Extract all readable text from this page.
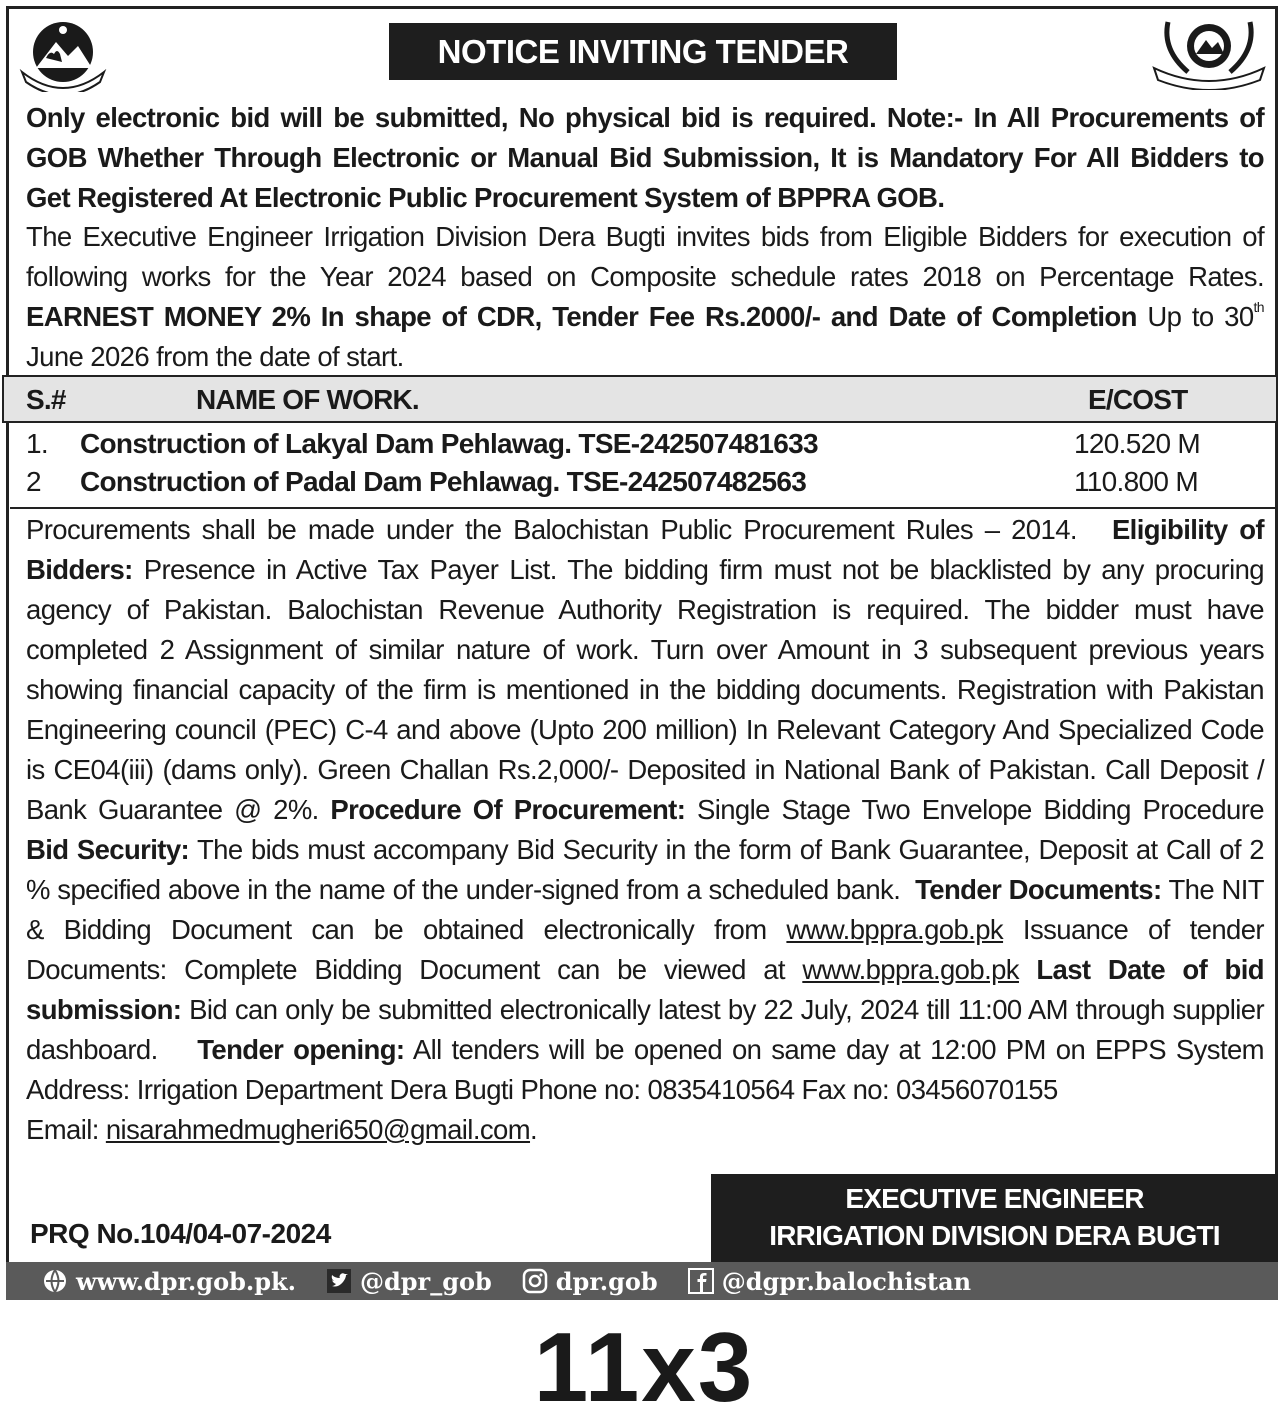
NOTICE INVITING TENDER
Only electronic bid will be submitted, No physical bid is required. Note:- In All Procurements of
GOB Whether Through Electronic or Manual Bid Submission, It is Mandatory For All Bidders to
Get Registered At Electronic Public Procurement System of BPPRA GOB.
The Executive Engineer Irrigation Division Dera Bugti invites bids from Eligible Bidders for execution of
following works for the Year 2024 based on Composite schedule rates 2018 on Percentage Rates.
EARNEST MONEY 2% In shape of CDR, Tender Fee Rs.2000/- and Date of Completion Up to 30th
June 2026 from the date of start.
S.#	NAME OF WORK.	E/COST
1. Construction of Lakyal Dam Pehlawag. TSE-242507481633	120.520 M
2 Construction of Padal Dam Pehlawag. TSE-242507482563	110.800 M
Procurements shall be made under the Balochistan Public Procurement Rules – 2014. Eligibility of
Bidders: Presence in Active Tax Payer List. The bidding firm must not be blacklisted by any procuring
agency of Pakistan. Balochistan Revenue Authority Registration is required. The bidder must have
completed 2 Assignment of similar nature of work. Turn over Amount in 3 subsequent previous years
showing financial capacity of the firm is mentioned in the bidding documents. Registration with Pakistan
Engineering council (PEC) C-4 and above (Upto 200 million) In Relevant Category And Specialized Code
is CE04(iii) (dams only). Green Challan Rs.2,000/- Deposited in National Bank of Pakistan. Call Deposit /
Bank Guarantee @ 2%. Procedure Of Procurement: Single Stage Two Envelope Bidding Procedure
Bid Security: The bids must accompany Bid Security in the form of Bank Guarantee, Deposit at Call of 2
% specified above in the name of the under-signed from a scheduled bank. Tender Documents: The NIT
& Bidding Document can be obtained electronically from www.bppra.gob.pk Issuance of tender
Documents: Complete Bidding Document can be viewed at www.bppra.gob.pk Last Date of bid
submission: Bid can only be submitted electronically latest by 22 July, 2024 till 11:00 AM through supplier
dashboard. Tender opening: All tenders will be opened on same day at 12:00 PM on EPPS System
Address: Irrigation Department Dera Bugti Phone no: 0835410564 Fax no: 03456070155
Email: nisarahmedmugheri650@gmail.com.
PRQ No.104/04-07-2024
EXECUTIVE ENGINEER
IRRIGATION DIVISION DERA BUGTI
www.dpr.gob.pk.	@dpr_gob	dpr.gob	@dgpr.balochistan
11x3
